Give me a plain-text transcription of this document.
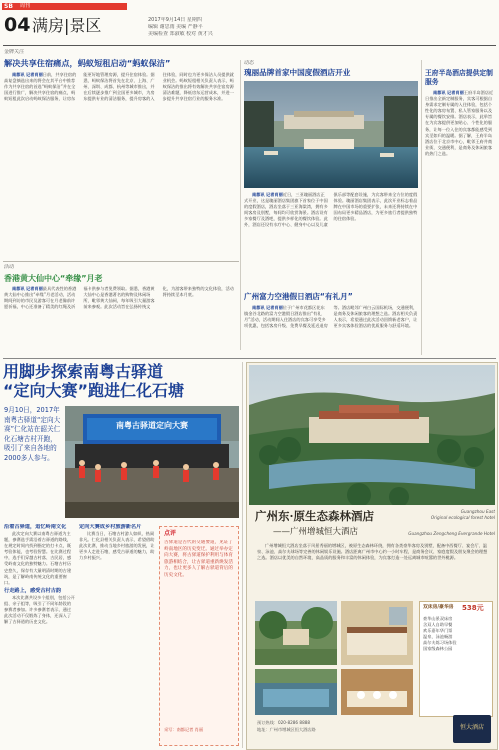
SB 周刊
04 满房|景区	2017年9月14日 星期四
编辑 谢思雨 美编 严静平
美编检查 郑淑敏 校对 黄才兴
金牌关注
解决共享住宿痛点，蚂蚁短租启动“蚂蚁保洁”

南都讯 记者肖丽日前，共享住宿的高复盘摘选出来的将会在其平台中推荐作为共享住宿的首选“蚂蚁保洁”并在全国进行推广，解决共享住宿的痛点，蚂蚁短租此次启动蚂蚁保洁服务，让房东能更好地管理房源，提升住宿体验。据悉，蚂蚁保洁将首先在北京、上海、广州、深圳、成都、杭州等城市推出，并在后续逐步推广到全国更多城市，为房东提供专业的清洁服务，提升房客的入住体验，同时也为更多保洁人员提供就业机会。蚂蚁短租相关负责人表示，蚂蚁保洁的推出将有效解决共享住宿房源清洁难题，降低房东运营成本，并进一步提升共享住宿行业的服务水准。

动态
瑰丽品牌首家中国度假酒店开业

南都讯 记者肖丽近日，三亚瑰丽酒店正式开业，这是瑰丽酒店集团旗下首家位于中国的度假酒店，酒店坐落于三亚海棠湾，拥有多间客房及别墅，每间均可欣赏海景。酒店设有多家餐厅及酒吧，提供多样化的餐饮体验。此外，酒店还设有水疗中心、健身中心以及儿童俱乐部等配套设施，为宾客带来全方位的度假体验。瑰丽酒店集团表示，此次开业标志着品牌在中国市场的重要扩张，未来还将持续在中国布局更多精品酒店，为更多旅行者提供独特的住宿体验。

广州富力空港假日酒店“有礼月”

南都讯 记者肖丽位于广州市花都区花东镇金谷北路的富力空港假日酒店推出“有礼月”活动，活动期间入住酒店的宾客可享受多项优惠，包括客房升级、免费早餐及延迟退房等。酒店毗邻广州白云国际机场，交通便利，是商务及休闲旅客的理想之选。酒店相关负责人表示，希望通过此次活动回馈新老客户，让更多宾客体验酒店的优质服务与舒适环境。

王府半岛酒店提供定制服务

南都讯 记者肖丽王府半岛酒店近日推出全新定制服务，宾客可根据自身需求定制专属的入住体验，包括个性化的客房布置、私人管家服务以及专属的餐饮安排。酒店表示，此举旨在为宾客提供更加贴心、个性化的服务，让每一位入住的宾客都能感受到宾至如归的温暖。据了解，王府半岛酒店位于北京市中心，毗邻王府井商业街，交通便利，是商务及休闲旅客的热门之选。

活动
香港黄大仙中心“牵缘”月老

南都讯 记者肖丽最具代表性的香港黄大仙中心推出“牵缘”月老活动，活动期间到访的市民及游客可在月老像前许愿祈福，中心还准备了精美的红绳及祈福卡供参与者免费领取。据悉，香港黄大仙中心是香港著名的购物及休闲场所，毗邻黄大仙祠，每年吸引大量游客前来参观。此次活动旨在弘扬传统文化，为游客带来独特的文化体验，活动将持续至本月底。

用脚步探索南粤古驿道
“定向大赛”跑进仁化石塘
9月10日，2017年南粤古驿道“定向大赛”仁化站在韶关仁化石塘古村开跑，吸引了来自各地的2000多人参与。
南粤古驿道定向大赛
沿着古驿道，追忆岭南文化

此次定向大赛以南粤古驿道为主题，参赛选手需沿着古驿道的路线，在规定时间内找到指定的打卡点，既考验体能，也考验智慧。在比赛过程中，选手们穿越古村落、古民居，感受岭南文化的独特魅力。石塘古村历史悠久，保存有大量明清时期的古建筑，是了解岭南传统文化的重要窗口。

行走路上，感受古村古韵

本次比赛共设多个组别，包括公开组、亲子组等，吸引了不同年龄段的参赛者参加。许多参赛者表示，通过此次活动不仅锻炼了身体，还深入了解了古驿道的历史文化。

定向大赛成乡村旅游新名片

比赛当日，石塘古村游人如织，热闹非凡。仁化县相关负责人表示，希望借助此次比赛，推动当地乡村旅游的发展，让更多人走进石塘，感受古驿道的魅力，助力乡村振兴。

点评
古驿道是古代的交通要道，见证了岭南地区的历史变迁。通过举办定向大赛，将古驿道保护利用与体育旅游相结合，让古驿道重新焕发活力，也让更多人了解古驿道背后的历史文化。
采写：南都记者 肖丽
广州东·原生态森林酒店
——广州增城恒大酒店
Guangzhou East
Original ecological forest hotel
Guangzhou Zengcheng Evergrande Hotel
广州增城恒大酒店坐落于风景秀丽的增城区，被原生态森林环绕，拥有各类豪华客房及别墅，配备中西餐厅、宴会厅、温泉、泳池、高尔夫球场等完善的休闲娱乐设施。酒店距离广州市中心约一小时车程，是商务会议、家庭度假及朋友聚会的理想之选。酒店以优美的自然环境、高品质的服务和丰富的休闲体验，为宾客打造一处远离城市喧嚣的世外桃源。
双床房/豪华房	538元
豪华山景双床房
含双人自助早餐
欢乐嘉年华门票
温泉、泳池畅游
高尔夫练习场体验
国家级森林公园
预订热线：020-8286 8888
地址：广州市增城区恒大酒店路	恒大酒店
